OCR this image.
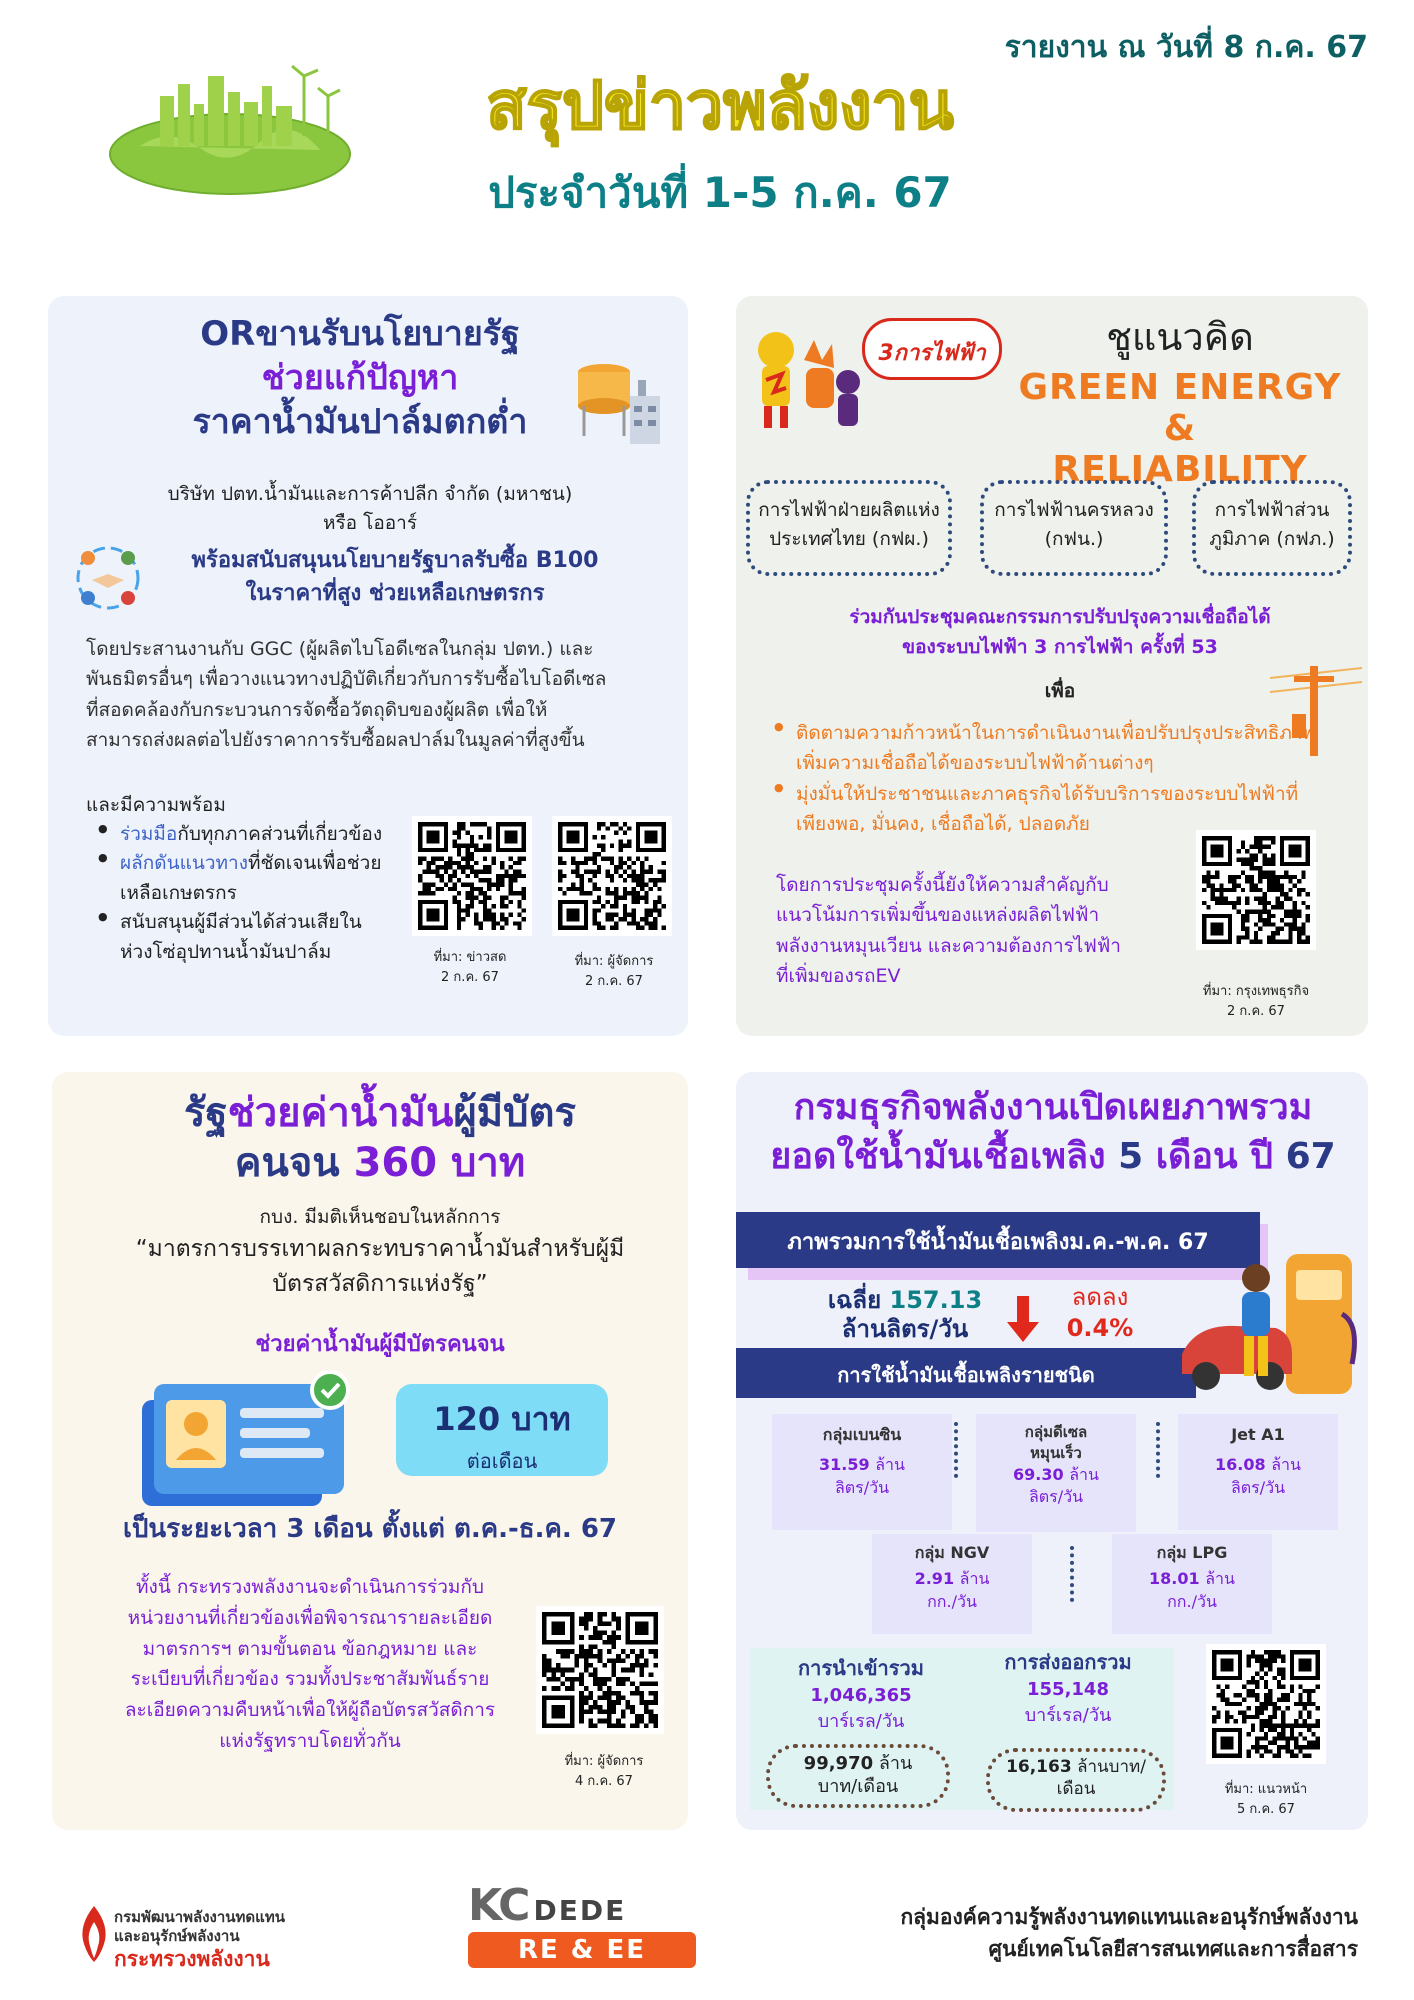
รายงาน ณ วันที่ 8 ก.ค. 67
สรุปข่าวพลังงาน
ประจำวันที่ 1-5 ก.ค. 67
ORขานรับนโยบายรัฐ
ช่วยแก้ปัญหา
ราคาน้ำมันปาล์มตกต่ำ
บริษัท ปตท.น้ำมันและการค้าปลีก จำกัด (มหาชน)
หรือ โออาร์
พร้อมสนับสนุนนโยบายรัฐบาลรับซื้อ B100
ในราคาที่สูง ช่วยเหลือเกษตรกร
โดยประสานงานกับ GGC (ผู้ผลิตไบโอดีเซลในกลุ่ม ปตท.) และ
พันธมิตรอื่นๆ เพื่อวางแนวทางปฏิบัติเกี่ยวกับการรับซื้อไบโอดีเซล
ที่สอดคล้องกับกระบวนการจัดซื้อวัตถุดิบของผู้ผลิต เพื่อให้
สามารถส่งผลต่อไปยังราคาการรับซื้อผลปาล์มในมูลค่าที่สูงขึ้น
และมีความพร้อม
● ร่วมมือกับทุกภาคส่วนที่เกี่ยวข้อง
● ผลักดันแนวทางที่ชัดเจนเพื่อช่วยเหลือเกษตรกร
● สนับสนุนผู้มีส่วนได้ส่วนเสียในห่วงโซ่อุปทานน้ำมันปาล์ม	ที่มา: ข่าวสด
2 ก.ค. 67
ที่มา: ผู้จัดการ
2 ก.ค. 67
3การไฟฟ้า	ชูแนวคิด
GREEN ENERGY &
RELIABILITY
การไฟฟ้าฝ่ายผลิตแห่ง
ประเทศไทย (กฟผ.)
การไฟฟ้านครหลวง
(กฟน.)
การไฟฟ้าส่วน
ภูมิภาค (กฟภ.)
ร่วมกันประชุมคณะกรรมการปรับปรุงความเชื่อถือได้
ของระบบไฟฟ้า 3 การไฟฟ้า ครั้งที่ 53
เพื่อ
● ติดตามความก้าวหน้าในการดำเนินงานเพื่อปรับปรุงประสิทธิภาพ เพิ่มความเชื่อถือได้ของระบบไฟฟ้าด้านต่างๆ
● มุ่งมั่นให้ประชาชนและภาคธุรกิจได้รับบริการของระบบไฟฟ้าที่เพียงพอ, มั่นคง, เชื่อถือได้, ปลอดภัย
โดยการประชุมครั้งนี้ยังให้ความสำคัญกับ
แนวโน้มการเพิ่มขึ้นของแหล่งผลิตไฟฟ้า
พลังงานหมุนเวียน และความต้องการไฟฟ้า
ที่เพิ่มของรถEV
ที่มา: กรุงเทพธุรกิจ
2 ก.ค. 67
รัฐช่วยค่าน้ำมันผู้มีบัตร
คนจน 360 บาท
กบง. มีมติเห็นชอบในหลักการ
“มาตรการบรรเทาผลกระทบราคาน้ำมันสำหรับผู้มี
บัตรสวัสดิการแห่งรัฐ”
ช่วยค่าน้ำมันผู้มีบัตรคนจน
120 บาท
ต่อเดือน
เป็นระยะเวลา 3 เดือน ตั้งแต่ ต.ค.-ธ.ค. 67
ทั้งนี้ กระทรวงพลังงานจะดำเนินการร่วมกับ
หน่วยงานที่เกี่ยวข้องเพื่อพิจารณารายละเอียด
มาตรการฯ ตามขั้นตอน ข้อกฎหมาย และ
ระเบียบที่เกี่ยวข้อง รวมทั้งประชาสัมพันธ์ราย
ละเอียดความคืบหน้าเพื่อให้ผู้ถือบัตรสวัสดิการ
แห่งรัฐทราบโดยทั่วกัน
ที่มา: ผู้จัดการ
4 ก.ค. 67
กรมธุรกิจพลังงานเปิดเผยภาพรวม
ยอดใช้น้ำมันเชื้อเพลิง 5 เดือน ปี 67
ภาพรวมการใช้น้ำมันเชื้อเพลิงม.ค.-พ.ค. 67
เฉลี่ย 157.13
ล้านลิตร/วัน
ลดลง
0.4%
การใช้น้ำมันเชื้อเพลิงรายชนิด
กลุ่มเบนซิน
31.59 ล้าน
ลิตร/วัน
กลุ่มดีเซล
หมุนเร็ว
69.30 ล้าน
ลิตร/วัน
Jet A1
16.08 ล้าน
ลิตร/วัน
กลุ่ม NGV
2.91 ล้าน
กก./วัน
กลุ่ม LPG
18.01 ล้าน
กก./วัน
การนำเข้ารวม
1,046,365
บาร์เรล/วัน
99,970 ล้าน
บาท/เดือน
การส่งออกรวม
155,148
บาร์เรล/วัน
16,163 ล้านบาท/
เดือน	ที่มา: แนวหน้า
5 ก.ค. 67
กรมพัฒนาพลังงานทดแทน
และอนุรักษ์พลังงาน
กระทรวงพลังงาน
KC DEDE
RE & EE
กลุ่มองค์ความรู้พลังงานทดแทนและอนุรักษ์พลังงาน
ศูนย์เทคโนโลยีสารสนเทศและการสื่อสาร
